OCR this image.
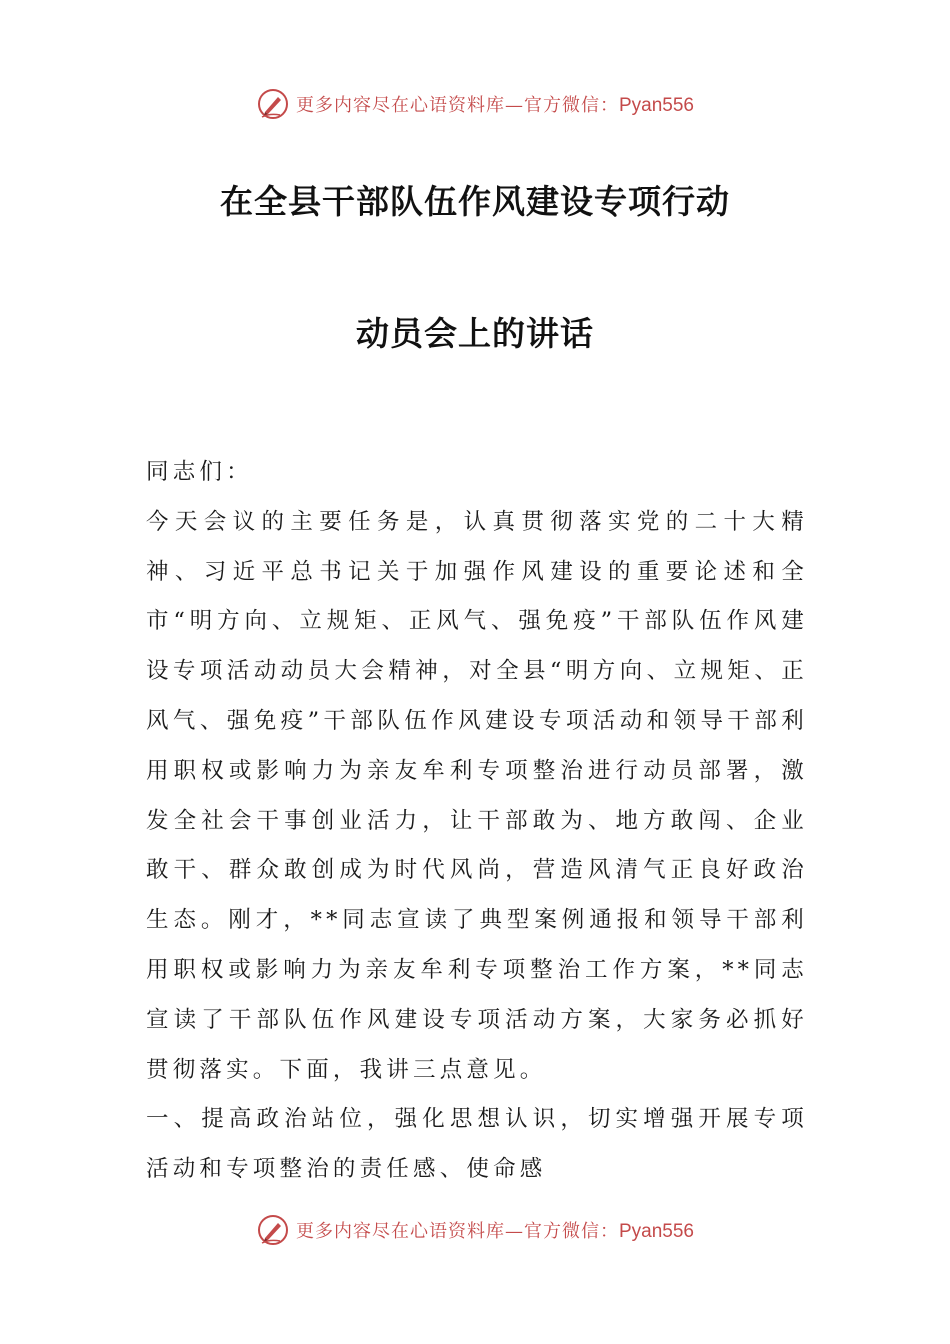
更多内容尽在心语资料库—官方微信：Pyan556
在全县干部队伍作风建设专项行动
动员会上的讲话

同志们：

今天会议的主要任务是，认真贯彻落实党的二十大精神、习近平总书记关于加强作风建设的重要论述和全市“明方向、立规矩、正风气、强免疫”干部队伍作风建设专项活动动员大会精神，对全县“明方向、立规矩、正风气、强免疫”干部队伍作风建设专项活动和领导干部利用职权或影响力为亲友牟利专项整治进行动员部署，激发全社会干事创业活力，让干部敢为、地方敢闯、企业敢干、群众敢创成为时代风尚，营造风清气正良好政治生态。刚才，**同志宣读了典型案例通报和领导干部利用职权或影响力为亲友牟利专项整治工作方案，**同志宣读了干部队伍作风建设专项活动方案，大家务必抓好贯彻落实。下面，我讲三点意见。

一、提高政治站位，强化思想认识，切实增强开展专项活动和专项整治的责任感、使命感

更多内容尽在心语资料库—官方微信：Pyan556
